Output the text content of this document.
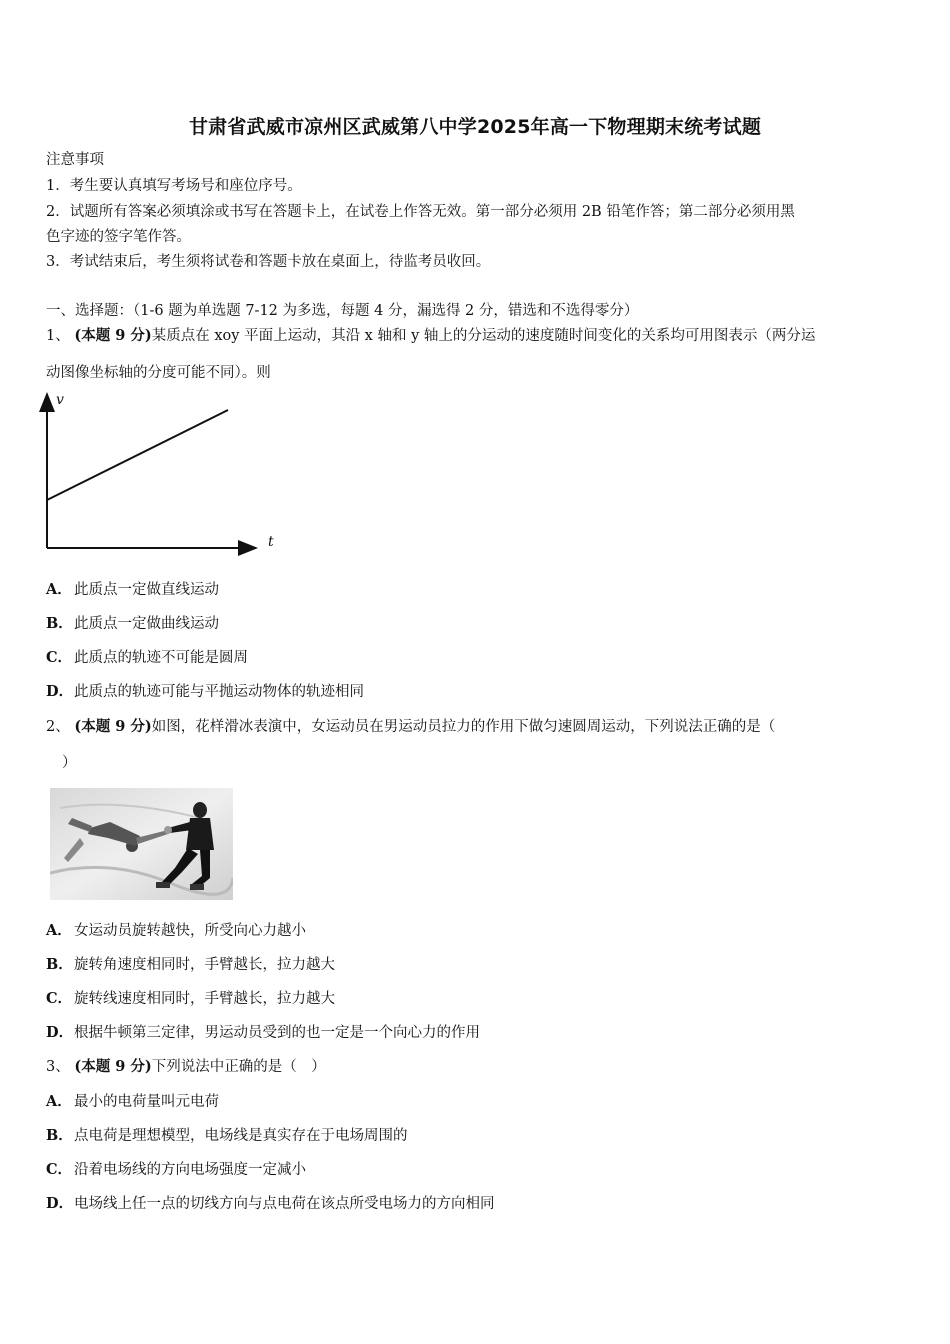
甘肃省武威市凉州区武威第八中学2025年高一下物理期末统考试题
注意事项
1．考生要认真填写考场号和座位序号。
2．试题所有答案必须填涂或书写在答题卡上，在试卷上作答无效。第一部分必须用 2B 铅笔作答；第二部分必须用黑
色字迹的签字笔作答。
3．考试结束后，考生须将试卷和答题卡放在桌面上，待监考员收回。
一、选择题：（1-6 题为单选题 7-12 为多选，每题 4 分，漏选得 2 分，错选和不选得零分）
1、 (本题 9 分)某质点在 xoy 平面上运动，其沿 x 轴和 y 轴上的分运动的速度随时间变化的关系均可用图表示（两分运
动图像坐标轴的分度可能不同）。则
v
t
A． 此质点一定做直线运动
B．此质点一定做曲线运动
C． 此质点的轨迹不可能是圆周
D．此质点的轨迹可能与平抛运动物体的轨迹相同
2、 (本题 9 分)如图，花样滑冰表演中，女运动员在男运动员拉力的作用下做匀速圆周运动，下列说法正确的是（
）
A． 女运动员旋转越快，所受向心力越小
B．旋转角速度相同时，手臂越长，拉力越大
C． 旋转线速度相同时，手臂越长，拉力越大
D．根据牛顿第三定律，男运动员受到的也一定是一个向心力的作用
3、 (本题 9 分)下列说法中正确的是（　）
A． 最小的电荷量叫元电荷
B．点电荷是理想模型，电场线是真实存在于电场周围的
C． 沿着电场线的方向电场强度一定减小
D．电场线上任一点的切线方向与点电荷在该点所受电场力的方向相同
